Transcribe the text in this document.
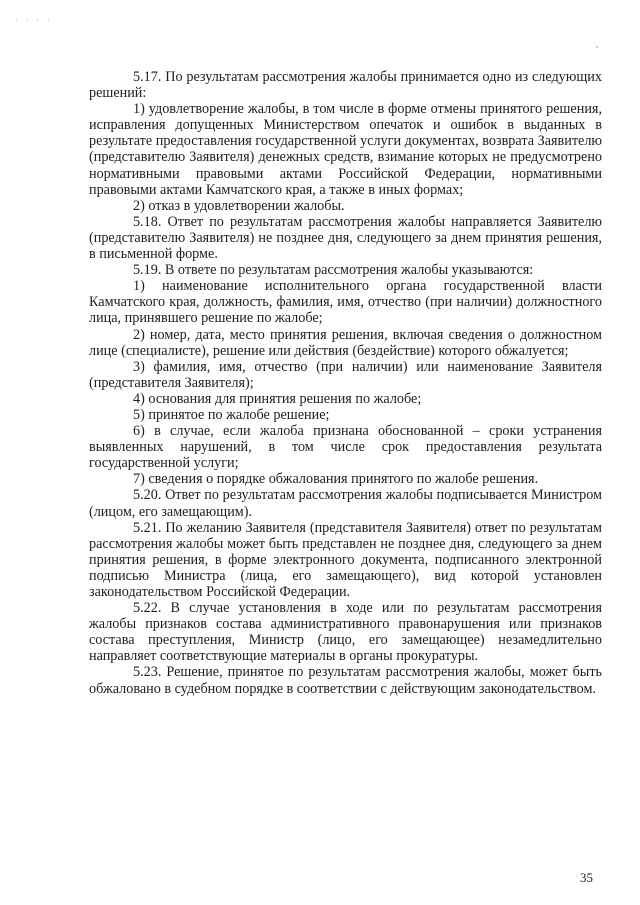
· · · ·

5.17. По результатам рассмотрения жалобы принимается одно из следующих решений:

1) удовлетворение жалобы, в том числе в форме отмены принятого решения, исправления допущенных Министерством опечаток и ошибок в выданных в результате предоставления государственной услуги документах, возврата Заявителю (представителю Заявителя) денежных средств, взимание которых не предусмотрено нормативными правовыми актами Российской Федерации, нормативными правовыми актами Камчатского края, а также в иных формах;

2) отказ в удовлетворении жалобы.

5.18. Ответ по результатам рассмотрения жалобы направляется Заявителю (представителю Заявителя) не позднее дня, следующего за днем принятия решения, в письменной форме.

5.19. В ответе по результатам рассмотрения жалобы указываются:

1) наименование исполнительного органа государственной власти Камчатского края, должность, фамилия, имя, отчество (при наличии) должностного лица, принявшего решение по жалобе;

2) номер, дата, место принятия решения, включая сведения о должностном лице (специалисте), решение или действия (бездействие) которого обжалуется;

3) фамилия, имя, отчество (при наличии) или наименование Заявителя (представителя Заявителя);

4) основания для принятия решения по жалобе;

5) принятое по жалобе решение;

6) в случае, если жалоба признана обоснованной – сроки устранения выявленных нарушений, в том числе срок предоставления результата государственной услуги;

7) сведения о порядке обжалования принятого по жалобе решения.

5.20. Ответ по результатам рассмотрения жалобы подписывается Министром (лицом, его замещающим).

5.21. По желанию Заявителя (представителя Заявителя) ответ по результатам рассмотрения жалобы может быть представлен не позднее дня, следующего за днем принятия решения, в форме электронного документа, подписанного электронной подписью Министра (лица, его замещающего), вид которой установлен законодательством Российской Федерации.

5.22. В случае установления в ходе или по результатам рассмотрения жалобы признаков состава административного правонарушения или признаков состава преступления, Министр (лицо, его замещающее) незамедлительно направляет соответствующие материалы в органы прокуратуры.

5.23. Решение, принятое по результатам рассмотрения жалобы, может быть обжаловано в судебном порядке в соответствии с действующим законодательством.

35
